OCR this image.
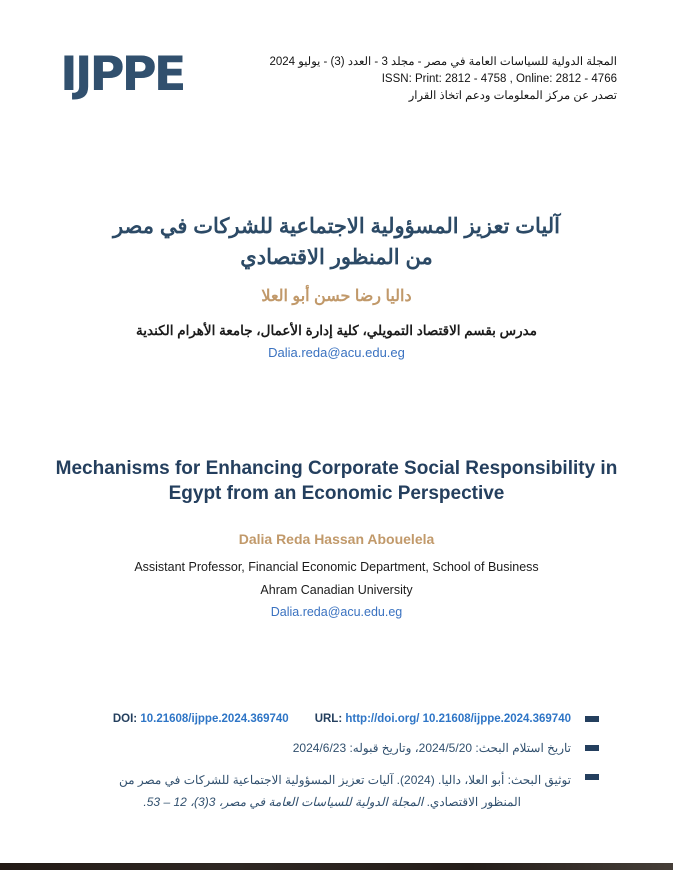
IJPPE	المجلة الدولية للسياسات العامة في مصر - مجلد 3 - العدد (3) - يوليو 2024
ISSN: Print: 2812 - 4758 , Online: 2812 - 4766
تصدر عن مركز المعلومات ودعم اتخاذ القرار
آليات تعزيز المسؤولية الاجتماعية للشركات في مصر
من المنظور الاقتصادي
داليا رضا حسن أبو العلا
مدرس بقسم الاقتصاد التمويلي، كلية إدارة الأعمال، جامعة الأهرام الكندية
Dalia.reda@acu.edu.eg
Mechanisms for Enhancing Corporate Social Responsibility in
Egypt from an Economic Perspective
Dalia Reda Hassan Abouelela
Assistant Professor, Financial Economic Department, School of Business
Ahram Canadian University
Dalia.reda@acu.edu.eg
DOI: 10.21608/ijppe.2024.369740 URL: http://doi.org/ 10.21608/ijppe.2024.369740
تاريخ استلام البحث: 2024/5/20، وتاريخ قبوله: 2024/6/23
توثيق البحث: أبو العلا، داليا. (2024). آليات تعزيز المسؤولية الاجتماعية للشركات في مصر من المنظور الاقتصادي. المجلة الدولية للسياسات العامة في مصر، 3(3)، 12 – 53.
